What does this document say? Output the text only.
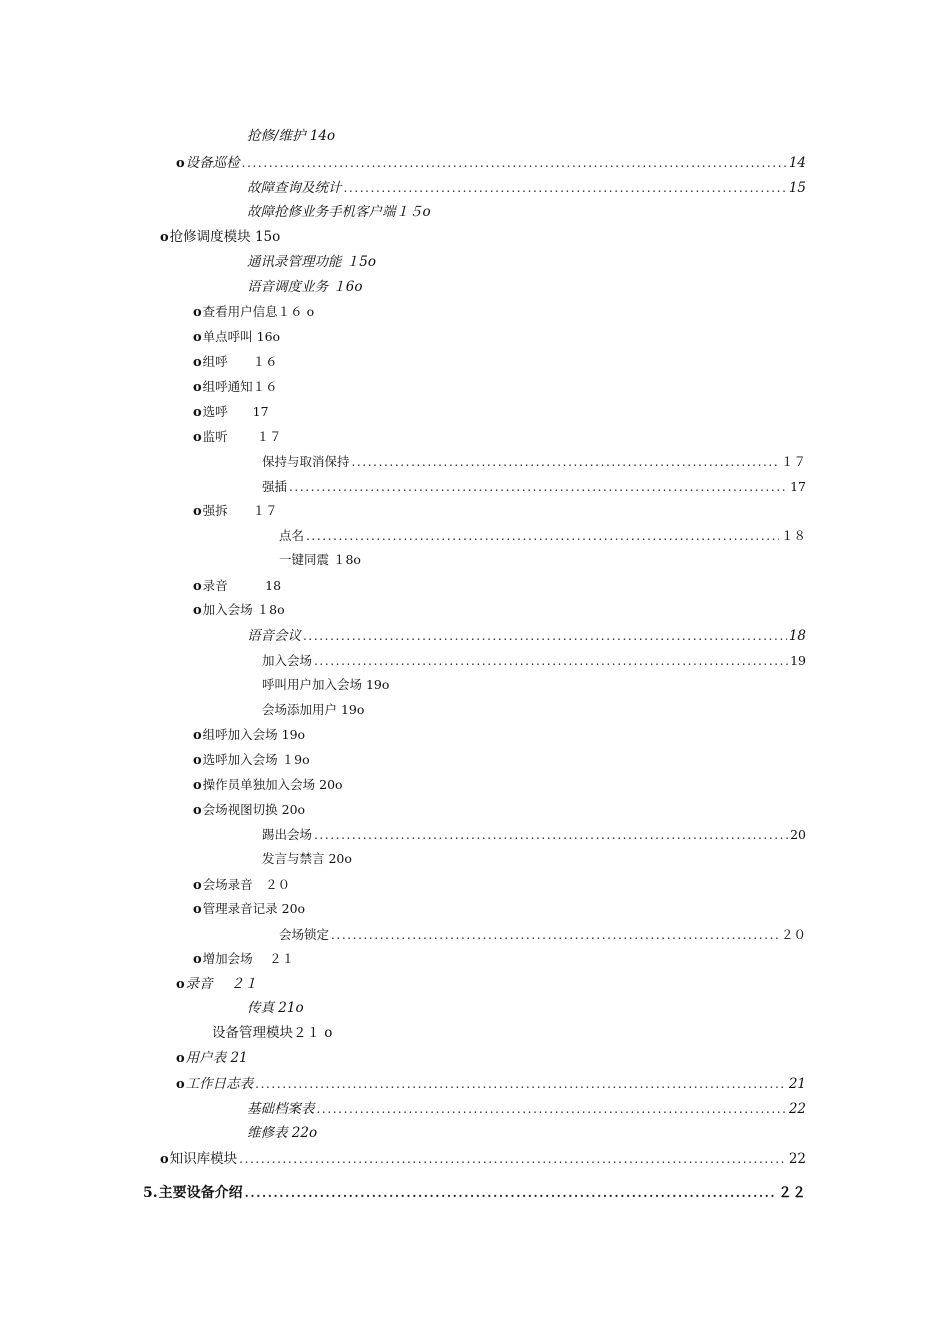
抢修/维护 14o
o 设备巡检 .....	14
故障查询及统计 .....	15
故障抢修业务手机客户端１５o
o 抢修调度模块 15o
通讯录管理功能 １5o
语音调度业务 １6o
o 查看用户信息１６ o
o 单点呼叫 16o
o 组呼　　１６
o 组呼通知１６
o 选呼　　17
o 监听　　 １７
保持与取消保持 .....	１７
强插 .....	17
o 强拆　　１７
点名 .....	１８
一键同震 １8o
o 录音　　　18
o 加入会场 １8o
语音会议 .....	18
加入会场 .....	19
呼叫用户加入会场 19o
会场添加用户 19o
o 组呼加入会场 19o
o 选呼加入会场 １9o
o 操作员单独加入会场 20o
o 会场视图切换 20o
踢出会场 .....	20
发言与禁言 20o
o 会场录音　２０
o 管理录音记录 20o
会场锁定 .....	２０
o 增加会场　 ２１
o 录音　 ２１
传真 21o
设备管理模块２１ o
o 用户表 21
o 工作日志表 .....	21
基础档案表 .....	22
维修表 22o
o 知识库模块 .....	22
5. 主要设备介绍 .....	２２
